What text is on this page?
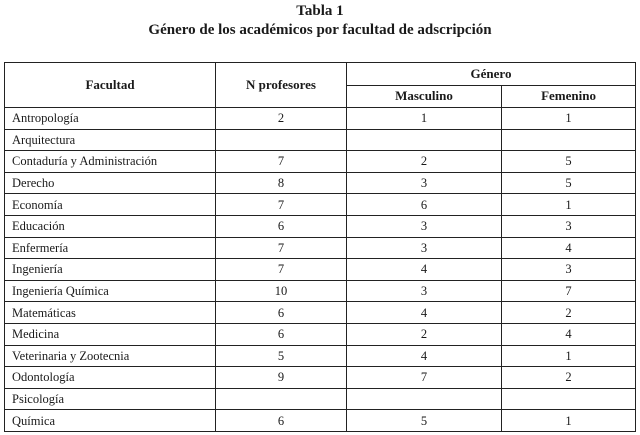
Tabla 1
Género de los académicos por facultad de adscripción
Facultad	N profesores	Género	
		Masculino	Femenino
Antropología	2	1	1
Arquitectura			
Contaduría y Administración	7	2	5
Derecho	8	3	5
Economía	7	6	1
Educación	6	3	3
Enfermería	7	3	4
Ingeniería	7	4	3
Ingeniería Química	10	3	7
Matemáticas	6	4	2
Medicina	6	2	4
Veterinaria y Zootecnia	5	4	1
Odontología	9	7	2
Psicología			
Química	6	5	1
